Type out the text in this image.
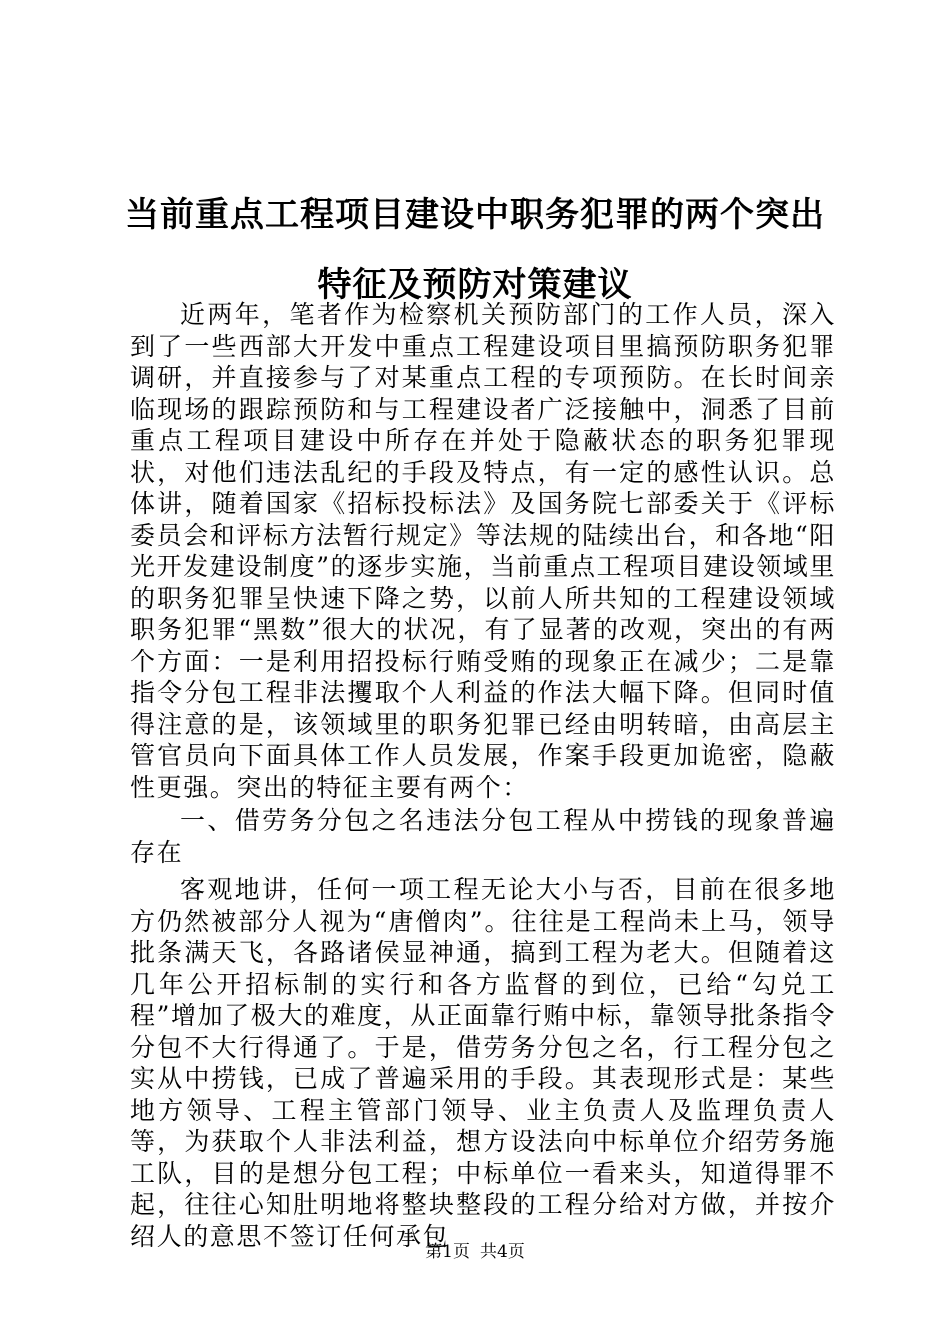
当前重点工程项目建设中职务犯罪的两个突出
特征及预防对策建议

近两年，笔者作为检察机关预防部门的工作人员，深入到了一些西部大开发中重点工程建设项目里搞预防职务犯罪调研，并直接参与了对某重点工程的专项预防。在长时间亲临现场的跟踪预防和与工程建设者广泛接触中，洞悉了目前重点工程项目建设中所存在并处于隐蔽状态的职务犯罪现状，对他们违法乱纪的手段及特点，有一定的感性认识。总体讲，随着国家《招标投标法》及国务院七部委关于《评标委员会和评标方法暂行规定》等法规的陆续出台，和各地“阳光开发建设制度”的逐步实施，当前重点工程项目建设领域里的职务犯罪呈快速下降之势，以前人所共知的工程建设领域职务犯罪“黑数”很大的状况，有了显著的改观，突出的有两个方面：一是利用招投标行贿受贿的现象正在减少；二是靠指令分包工程非法攫取个人利益的作法大幅下降。但同时值得注意的是，该领域里的职务犯罪已经由明转暗，由高层主管官员向下面具体工作人员发展，作案手段更加诡密，隐蔽性更强。突出的特征主要有两个：

一、借劳务分包之名违法分包工程从中捞钱的现象普遍存在

客观地讲，任何一项工程无论大小与否，目前在很多地方仍然被部分人视为“唐僧肉”。往往是工程尚未上马，领导批条满天飞，各路诸侯显神通，搞到工程为老大。但随着这几年公开招标制的实行和各方监督的到位，已给“勾兑工程”增加了极大的难度，从正面靠行贿中标，靠领导批条指令分包不大行得通了。于是，借劳务分包之名，行工程分包之实从中捞钱，已成了普遍采用的手段。其表现形式是：某些地方领导、工程主管部门领导、业主负责人及监理负责人等，为获取个人非法利益，想方设法向中标单位介绍劳务施工队，目的是想分包工程；中标单位一看来头，知道得罪不起，往往心知肚明地将整块整段的工程分给对方做，并按介绍人的意思不签订任何承包

第1页 共4页
